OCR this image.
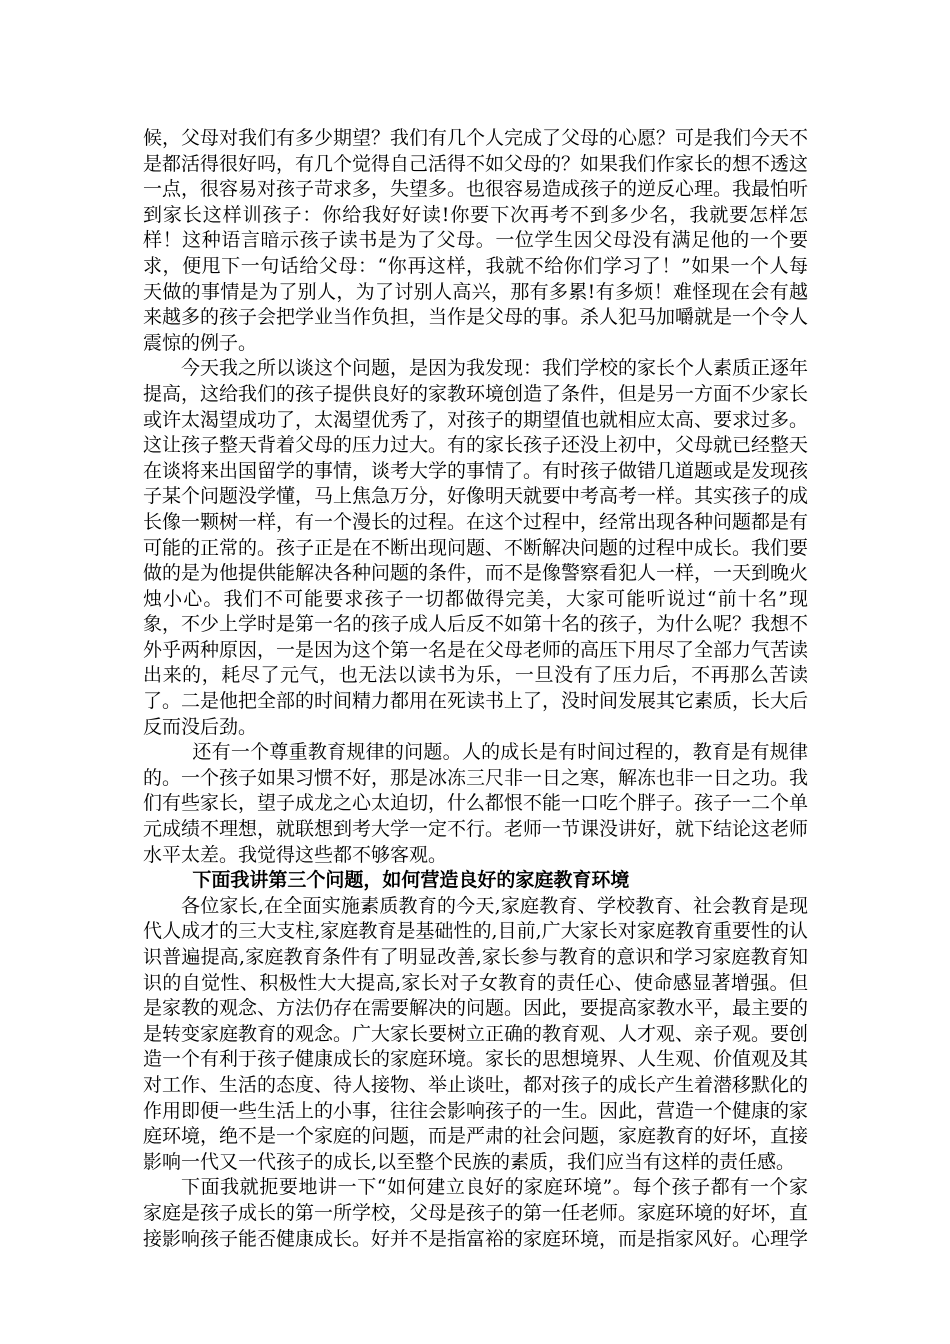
候，父母对我们有多少期望？我们有几个人完成了父母的心愿？可是我们今天不是都活得很好吗，有几个觉得自己活得不如父母的？如果我们作家长的想不透这一点，很容易对孩子苛求多，失望多。也很容易造成孩子的逆反心理。我最怕听到家长这样训孩子：你给我好好读!你要下次再考不到多少名，我就要怎样怎样！这种语言暗示孩子读书是为了父母。一位学生因父母没有满足他的一个要求，便甩下一句话给父母：“你再这样，我就不给你们学习了！”如果一个人每天做的事情是为了别人，为了讨别人高兴，那有多累!有多烦！难怪现在会有越来越多的孩子会把学业当作负担，当作是父母的事。杀人犯马加嚼就是一个令人震惊的例子。

今天我之所以谈这个问题，是因为我发现：我们学校的家长个人素质正逐年提高，这给我们的孩子提供良好的家教环境创造了条件，但是另一方面不少家长或许太渴望成功了，太渴望优秀了，对孩子的期望值也就相应太高、要求过多。这让孩子整天背着父母的压力过大。有的家长孩子还没上初中，父母就已经整天在谈将来出国留学的事情，谈考大学的事情了。有时孩子做错几道题或是发现孩子某个问题没学懂，马上焦急万分，好像明天就要中考高考一样。其实孩子的成长像一颗树一样，有一个漫长的过程。在这个过程中，经常出现各种问题都是有可能的正常的。孩子正是在不断出现问题、不断解决问题的过程中成长。我们要做的是为他提供能解决各种问题的条件，而不是像警察看犯人一样，一天到晚火烛小心。我们不可能要求孩子一切都做得完美，大家可能听说过“前十名”现象，不少上学时是第一名的孩子成人后反不如第十名的孩子，为什么呢？我想不外乎两种原因，一是因为这个第一名是在父母老师的高压下用尽了全部力气苦读出来的，耗尽了元气，也无法以读书为乐，一旦没有了压力后，不再那么苦读了。二是他把全部的时间精力都用在死读书上了，没时间发展其它素质，长大后反而没后劲。

还有一个尊重教育规律的问题。人的成长是有时间过程的，教育是有规律的。一个孩子如果习惯不好，那是冰冻三尺非一日之寒，解冻也非一日之功。我们有些家长，望子成龙之心太迫切，什么都恨不能一口吃个胖子。孩子一二个单元成绩不理想，就联想到考大学一定不行。老师一节课没讲好，就下结论这老师水平太差。我觉得这些都不够客观。

下面我讲第三个问题，如何营造良好的家庭教育环境

各位家长,在全面实施素质教育的今天,家庭教育、学校教育、社会教育是现代人成才的三大支柱,家庭教育是基础性的,目前,广大家长对家庭教育重要性的认识普遍提高,家庭教育条件有了明显改善,家长参与教育的意识和学习家庭教育知识的自觉性、积极性大大提高,家长对子女教育的责任心、使命感显著增强。但是家教的观念、方法仍存在需要解决的问题。因此，要提高家教水平，最主要的是转变家庭教育的观念。广大家长要树立正确的教育观、人才观、亲子观。要创造一个有利于孩子健康成长的家庭环境。家长的思想境界、人生观、价值观及其对工作、生活的态度、待人接物、举止谈吐，都对孩子的成长产生着潜移默化的作用即便一些生活上的小事，往往会影响孩子的一生。因此，营造一个健康的家庭环境，绝不是一个家庭的问题，而是严肃的社会问题，家庭教育的好坏，直接影响一代又一代孩子的成长,以至整个民族的素质，我们应当有这样的责任感。

下面我就扼要地讲一下“如何建立良好的家庭环境”。每个孩子都有一个家家庭是孩子成长的第一所学校，父母是孩子的第一任老师。家庭环境的好坏，直接影响孩子能否健康成长。好并不是指富裕的家庭环境，而是指家风好。心理学
